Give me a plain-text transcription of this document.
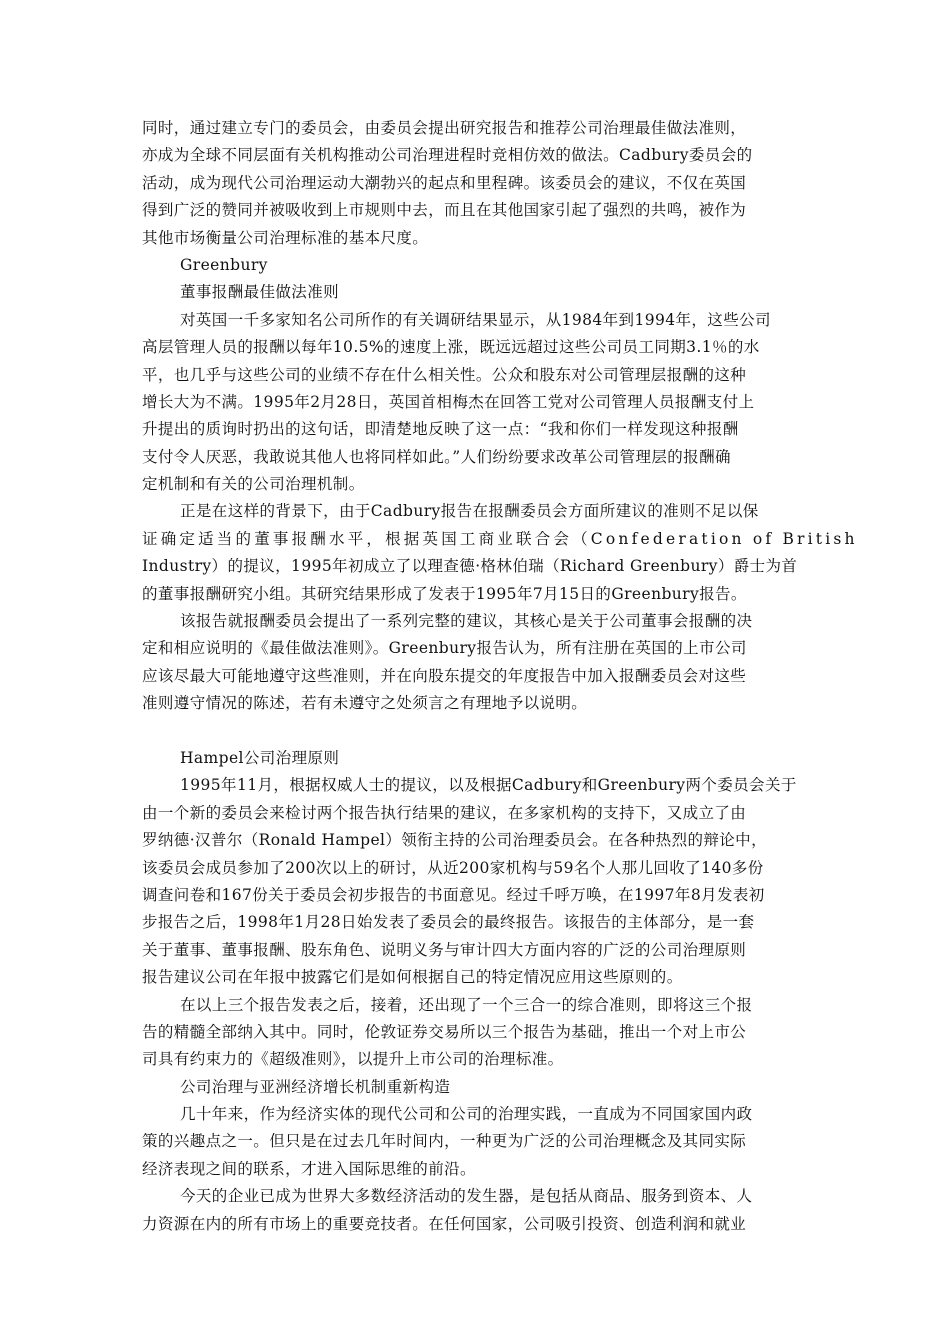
同时，通过建立专门的委员会，由委员会提出研究报告和推荐公司治理最佳做法准则，
亦成为全球不同层面有关机构推动公司治理进程时竞相仿效的做法。Cadbury委员会的
活动，成为现代公司治理运动大潮勃兴的起点和里程碑。该委员会的建议，不仅在英国
得到广泛的赞同并被吸收到上市规则中去，而且在其他国家引起了强烈的共鸣，被作为
其他市场衡量公司治理标准的基本尺度。
Greenbury
董事报酬最佳做法准则
对英国一千多家知名公司所作的有关调研结果显示，从1984年到1994年，这些公司
高层管理人员的报酬以每年10.5%的速度上涨，既远远超过这些公司员工同期3.1％的水
平，也几乎与这些公司的业绩不存在什么相关性。公众和股东对公司管理层报酬的这种
增长大为不满。1995年2月28日，英国首相梅杰在回答工党对公司管理人员报酬支付上
升提出的质询时扔出的这句话，即清楚地反映了这一点：“我和你们一样发现这种报酬
支付令人厌恶，我敢说其他人也将同样如此。”人们纷纷要求改革公司管理层的报酬确
定机制和有关的公司治理机制。
正是在这样的背景下，由于Cadbury报告在报酬委员会方面所建议的准则不足以保
证确定适当的董事报酬水平，根据英国工商业联合会（Confederation of British
Industry）的提议，1995年初成立了以理查德·格林伯瑞（Richard Greenbury）爵士为首
的董事报酬研究小组。其研究结果形成了发表于1995年7月15日的Greenbury报告。
该报告就报酬委员会提出了一系列完整的建议，其核心是关于公司董事会报酬的决
定和相应说明的《最佳做法准则》。Greenbury报告认为，所有注册在英国的上市公司
应该尽最大可能地遵守这些准则，并在向股东提交的年度报告中加入报酬委员会对这些
准则遵守情况的陈述，若有未遵守之处须言之有理地予以说明。
Hampel公司治理原则
1995年11月，根据权威人士的提议，以及根据Cadbury和Greenbury两个委员会关于
由一个新的委员会来检讨两个报告执行结果的建议，在多家机构的支持下，又成立了由
罗纳德·汉普尔（Ronald Hampel）领衔主持的公司治理委员会。在各种热烈的辩论中，
该委员会成员参加了200次以上的研讨，从近200家机构与59名个人那儿回收了140多份
调查问卷和167份关于委员会初步报告的书面意见。经过千呼万唤，在1997年8月发表初
步报告之后，1998年1月28日始发表了委员会的最终报告。该报告的主体部分，是一套
关于董事、董事报酬、股东角色、说明义务与审计四大方面内容的广泛的公司治理原则
报告建议公司在年报中披露它们是如何根据自己的特定情况应用这些原则的。
在以上三个报告发表之后，接着，还出现了一个三合一的综合准则，即将这三个报
告的精髓全部纳入其中。同时，伦敦证券交易所以三个报告为基础，推出一个对上市公
司具有约束力的《超级准则》，以提升上市公司的治理标准。
公司治理与亚洲经济增长机制重新构造
几十年来，作为经济实体的现代公司和公司的治理实践，一直成为不同国家国内政
策的兴趣点之一。但只是在过去几年时间内，一种更为广泛的公司治理概念及其同实际
经济表现之间的联系，才进入国际思维的前沿。
今天的企业已成为世界大多数经济活动的发生器，是包括从商品、服务到资本、人
力资源在内的所有市场上的重要竞技者。在任何国家，公司吸引投资、创造利润和就业
